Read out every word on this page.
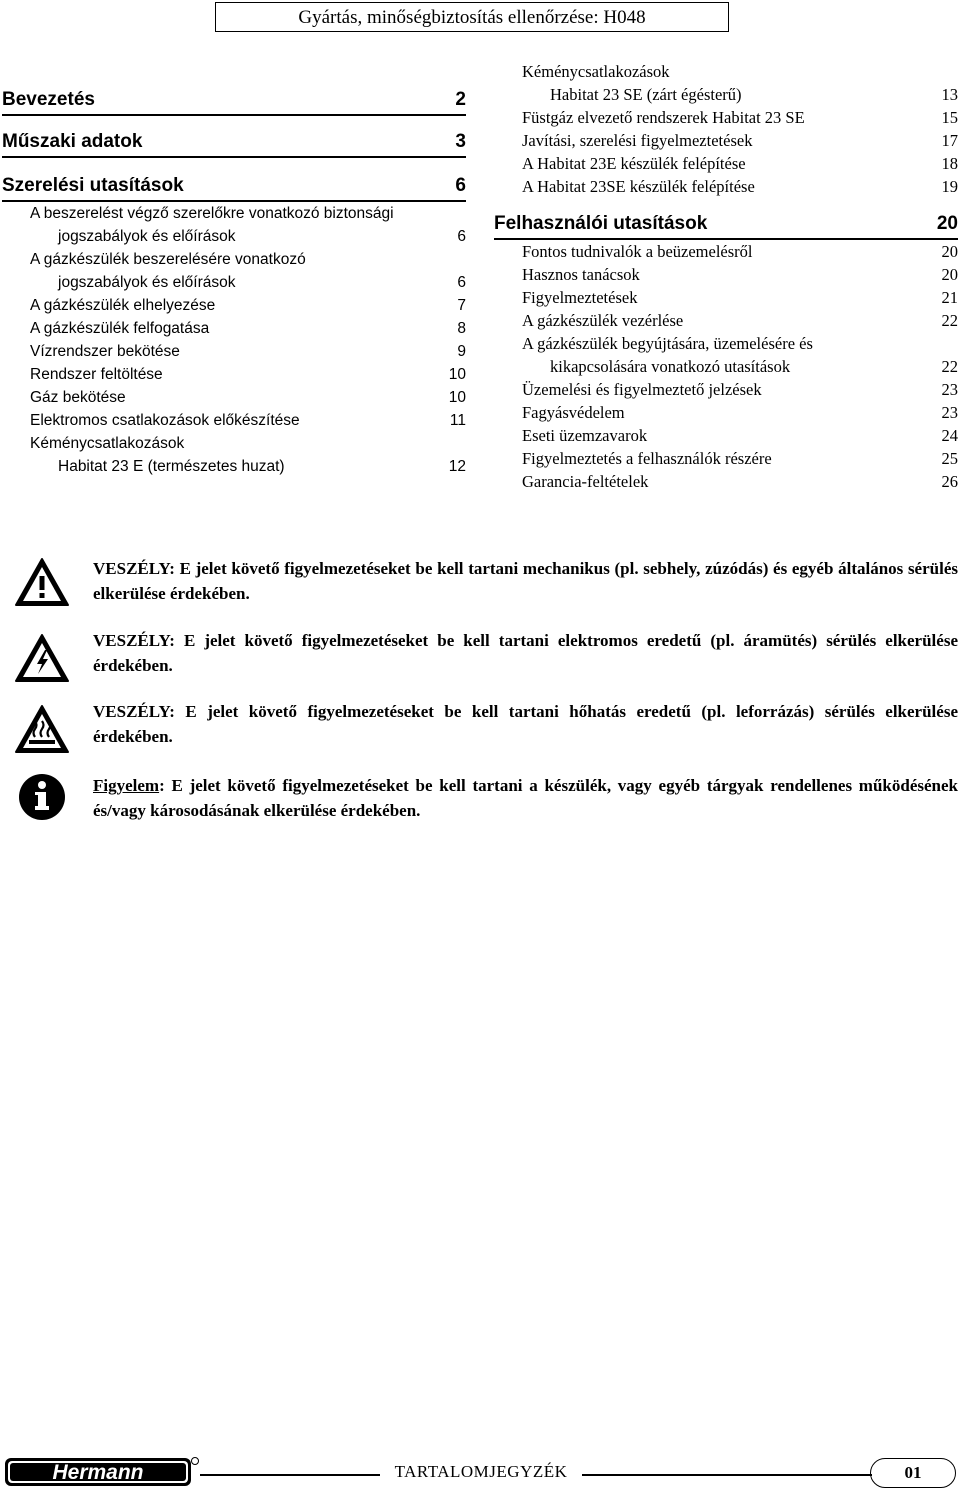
Gyártás, minőségbiztosítás ellenőrzése: H048
Bevezetés	2
Műszaki adatok	3
Szerelési utasítások	6
A beszerelést végző szerelőkre vonatkozó biztonsági
jogszabályok és előírások	6
A gázkészülék beszerelésére vonatkozó
jogszabályok és előírások	6
A gázkészülék elhelyezése	7
A gázkészülék felfogatása	8
Vízrendszer bekötése	9
Rendszer feltöltése	10
Gáz bekötése	10
Elektromos csatlakozások előkészítése	11
Kéménycsatlakozások
Habitat 23 E (természetes huzat)	12
Kéménycsatlakozások
Habitat 23 SE (zárt égésterű)	13
Füstgáz elvezető rendszerek Habitat 23 SE	15
Javítási, szerelési figyelmeztetések	17
A Habitat 23E készülék felépítése	18
A Habitat 23SE készülék felépítése	19
Felhasználói utasítások	20
Fontos tudnivalók a beüzemelésről	20
Hasznos tanácsok	20
Figyelmeztetések	21
A gázkészülék vezérlése	22
A gázkészülék begyújtására, üzemelésére és
kikapcsolására vonatkozó utasítások	22
Üzemelési és figyelmeztető jelzések	23
Fagyásvédelem	23
Eseti üzemzavarok	24
Figyelmeztetés a felhasználók részére	25
Garancia-feltételek	26
VESZÉLY: E jelet követő figyelmezetéseket be kell tartani mechanikus (pl. sebhely, zúzódás) és egyéb általános sérülés elkerülése érdekében.
VESZÉLY: E jelet követő figyelmezetéseket be kell tartani elektromos eredetű (pl. áramütés) sérülés elkerülése érdekében.
VESZÉLY: E jelet követő figyelmezetéseket be kell tartani hőhatás eredetű (pl. leforrázás) sérülés elkerülése érdekében.
Figyelem: E jelet követő figyelmezetéseket be kell tartani a készülék, vagy egyéb tárgyak rendellenes működésének és/vagy károsodásának elkerülése érdekében.
Hermann	TARTALOMJEGYZÉK	01
